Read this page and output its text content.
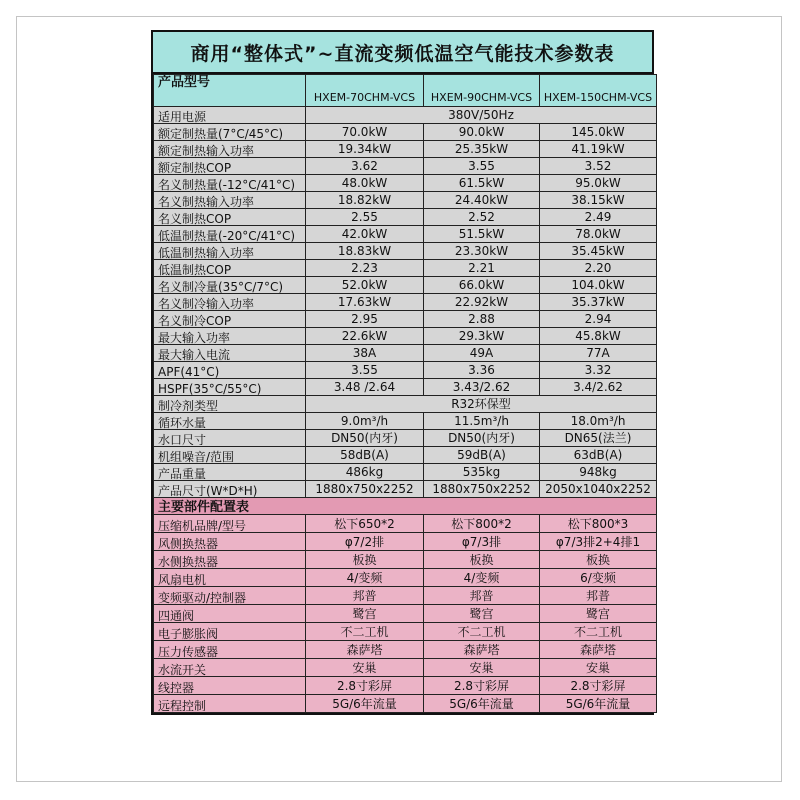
商用“整体式”~直流变频低温空气能技术参数表
产品型号	HXEM-70CHM-VCS	HXEM-90CHM-VCS	HXEM-150CHM-VCS
适用电源	380V/50Hz		
额定制热量(7°C/45°C)	70.0kW	90.0kW	145.0kW
额定制热输入功率	19.34kW	25.35kW	41.19kW
额定制热COP	3.62	3.55	3.52
名义制热量(-12°C/41°C)	48.0kW	61.5kW	95.0kW
名义制热输入功率	18.82kW	24.40kW	38.15kW
名义制热COP	2.55	2.52	2.49
低温制热量(-20°C/41°C)	42.0kW	51.5kW	78.0kW
低温制热输入功率	18.83kW	23.30kW	35.45kW
低温制热COP	2.23	2.21	2.20
名义制冷量(35°C/7°C)	52.0kW	66.0kW	104.0kW
名义制冷输入功率	17.63kW	22.92kW	35.37kW
名义制冷COP	2.95	2.88	2.94
最大输入功率	22.6kW	29.3kW	45.8kW
最大输入电流	38A	49A	77A
APF(41°C)	3.55	3.36	3.32
HSPF(35°C/55°C)	3.48 /2.64	3.43/2.62	3.4/2.62
制冷剂类型	R32环保型		
循环水量	9.0m³/h	11.5m³/h	18.0m³/h
水口尺寸	DN50(内牙)	DN50(内牙)	DN65(法兰)
机组噪音/范围	58dB(A)	59dB(A)	63dB(A)
产品重量	486kg	535kg	948kg
产品尺寸(W*D*H)	1880x750x2252	1880x750x2252	2050x1040x2252
主要部件配置表			
压缩机品牌/型号	松下650*2	松下800*2	松下800*3
风侧换热器	φ7/2排	φ7/3排	φ7/3排2+4排1
水侧换热器	板换	板换	板换
风扇电机	4/变频	4/变频	6/变频
变频驱动/控制器	邦普	邦普	邦普
四通阀	鹭宫	鹭宫	鹭宫
电子膨胀阀	不二工机	不二工机	不二工机
压力传感器	森萨塔	森萨塔	森萨塔
水流开关	安巢	安巢	安巢
线控器	2.8寸彩屏	2.8寸彩屏	2.8寸彩屏
远程控制	5G/6年流量	5G/6年流量	5G/6年流量
